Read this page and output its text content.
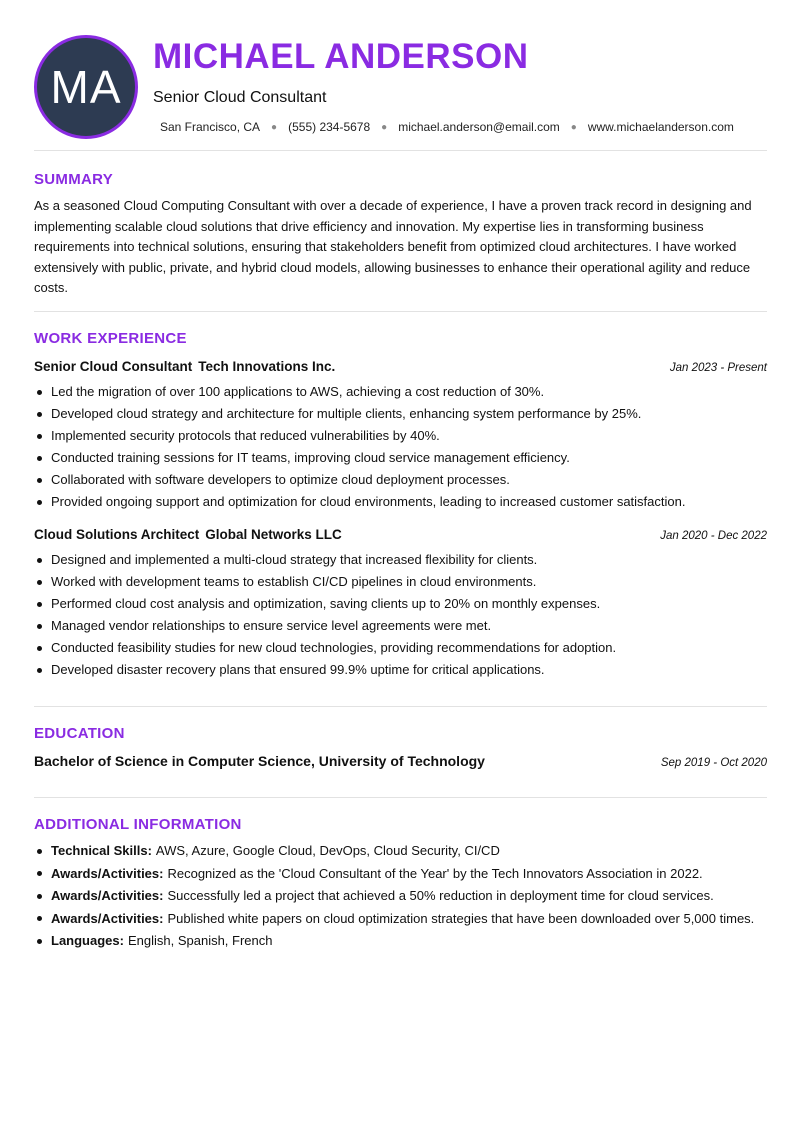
MA
MICHAEL ANDERSON
Senior Cloud Consultant
San Francisco, CA ● (555) 234-5678 ● michael.anderson@email.com ● www.michaelanderson.com
SUMMARY

As a seasoned Cloud Computing Consultant with over a decade of experience, I have a proven track record in designing and implementing scalable cloud solutions that drive efficiency and innovation. My expertise lies in transforming business requirements into technical solutions, ensuring that stakeholders benefit from optimized cloud architectures. I have worked extensively with public, private, and hybrid cloud models, allowing businesses to enhance their operational agility and reduce costs.

WORK EXPERIENCE
Senior Cloud Consultant Tech Innovations Inc.	Jan 2023 - Present
Led the migration of over 100 applications to AWS, achieving a cost reduction of 30%.
Developed cloud strategy and architecture for multiple clients, enhancing system performance by 25%.
Implemented security protocols that reduced vulnerabilities by 40%.
Conducted training sessions for IT teams, improving cloud service management efficiency.
Collaborated with software developers to optimize cloud deployment processes.
Provided ongoing support and optimization for cloud environments, leading to increased customer satisfaction.
Cloud Solutions Architect Global Networks LLC	Jan 2020 - Dec 2022
Designed and implemented a multi-cloud strategy that increased flexibility for clients.
Worked with development teams to establish CI/CD pipelines in cloud environments.
Performed cloud cost analysis and optimization, saving clients up to 20% on monthly expenses.
Managed vendor relationships to ensure service level agreements were met.
Conducted feasibility studies for new cloud technologies, providing recommendations for adoption.
Developed disaster recovery plans that ensured 99.9% uptime for critical applications.
EDUCATION
Bachelor of Science in Computer Science, University of Technology	Sep 2019 - Oct 2020
ADDITIONAL INFORMATION
Technical Skills: AWS, Azure, Google Cloud, DevOps, Cloud Security, CI/CD
Awards/Activities: Recognized as the 'Cloud Consultant of the Year' by the Tech Innovators Association in 2022.
Awards/Activities: Successfully led a project that achieved a 50% reduction in deployment time for cloud services.
Awards/Activities: Published white papers on cloud optimization strategies that have been downloaded over 5,000 times.
Languages: English, Spanish, French
